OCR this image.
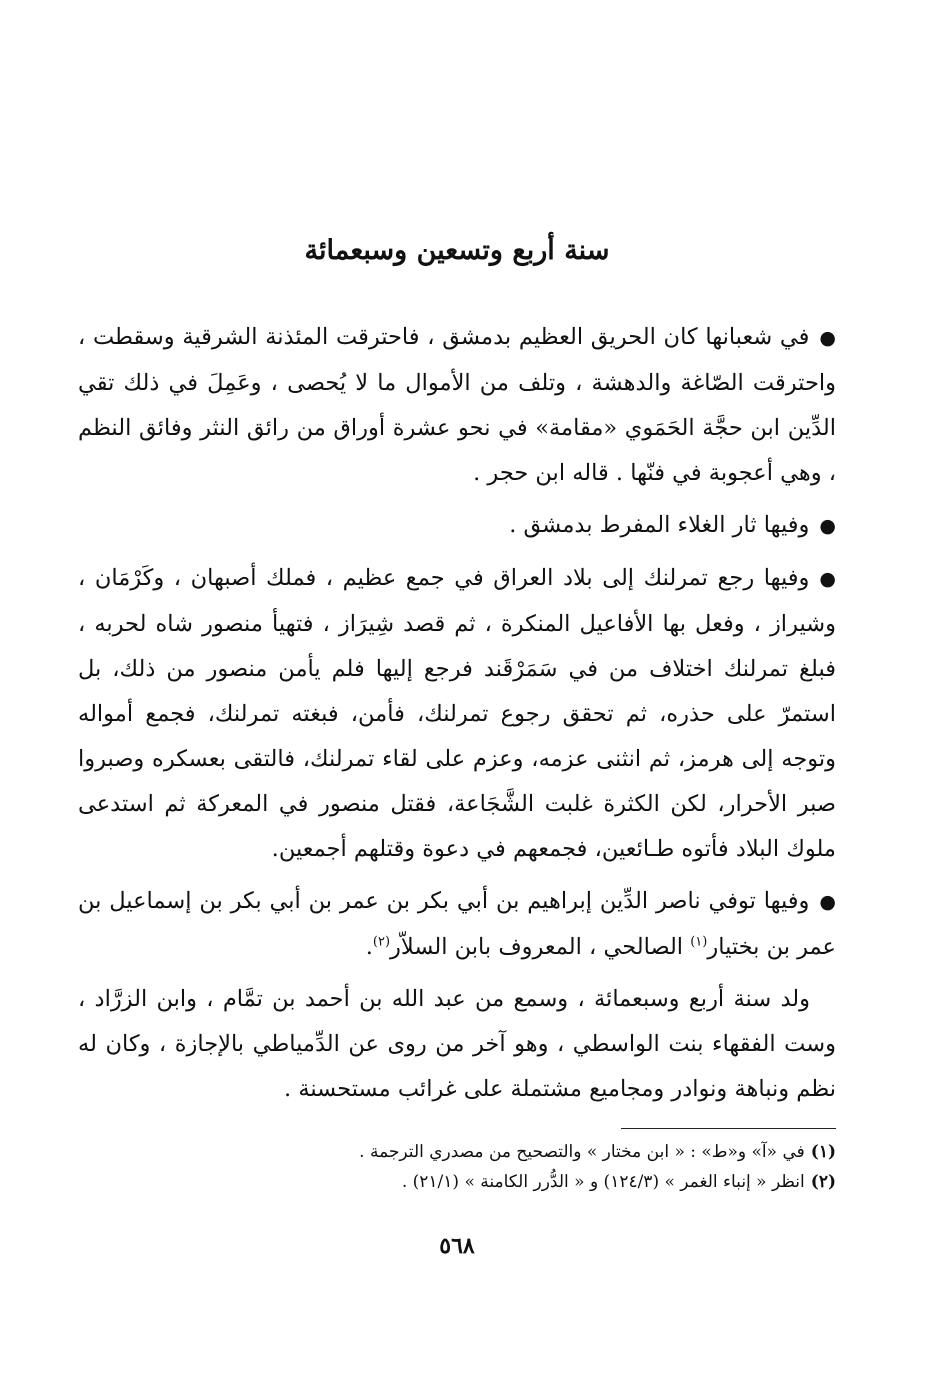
سنة أربع وتسعين وسبعمائة

●في شعبانها كان الحريق العظيم بدمشق ، فاحترقت المئذنة الشرقية وسقطت ، واحترقت الصّاغة والدهشة ، وتلف من الأموال ما لا يُحصى ، وعَمِلَ في ذلك تقي الدِّين ابن حجَّة الحَمَوي «مقامة» في نحو عشرة أوراق من رائق النثر وفائق النظم ، وهي أعجوبة في فنّها . قاله ابن حجر .

●وفيها ثار الغلاء المفرط بدمشق .

●وفيها رجع تمرلنك إلى بلاد العراق في جمع عظيم ، فملك أصبهان ، وكَرْمَان ، وشيراز ، وفعل بها الأفاعيل المنكرة ، ثم قصد شِيرَاز ، فتهيأ منصور شاه لحربه ، فبلغ تمرلنك اختلاف من في سَمَرْقَند فرجع إليها فلم يأمن منصور من ذلك، بل استمرّ على حذره، ثم تحقق رجوع تمرلنك، فأمن، فبغته تمرلنك، فجمع أمواله وتوجه إلى هرمز، ثم انثنى عزمه، وعزم على لقاء تمرلنك، فالتقى بعسكره وصبروا صبر الأحرار، لكن الكثرة غلبت الشَّجَاعة، فقتل منصور في المعركة ثم استدعى ملوك البلاد فأتوه طـائعين، فجمعهم في دعوة وقتلهم أجمعين.

●وفيها توفي ناصر الدِّين إبراهيم بن أبي بكر بن عمر بن أبي بكر بن إسماعيل بن عمر بن بختيار$^{(١)}$ الصالحي ، المعروف بابن السلاّر$^{(٢)}$.

ولد سنة أربع وسبعمائة ، وسمع من عبد الله بن أحمد بن تمَّام ، وابن الزرَّاد ، وست الفقهاء بنت الواسطي ، وهو آخر من روى عن الدِّمياطي بالإجازة ، وكان له نظم ونباهة ونوادر ومجاميع مشتملة على غرائب مستحسنة .

(١)في «آ» و«ط» : « ابن مختار » والتصحيح من مصدري الترجمة .

(٢)انظر « إنباء الغمر » (١٢٤/٣) و « الدُّرر الكامنة » (٢١/١) .

٥٦٨
